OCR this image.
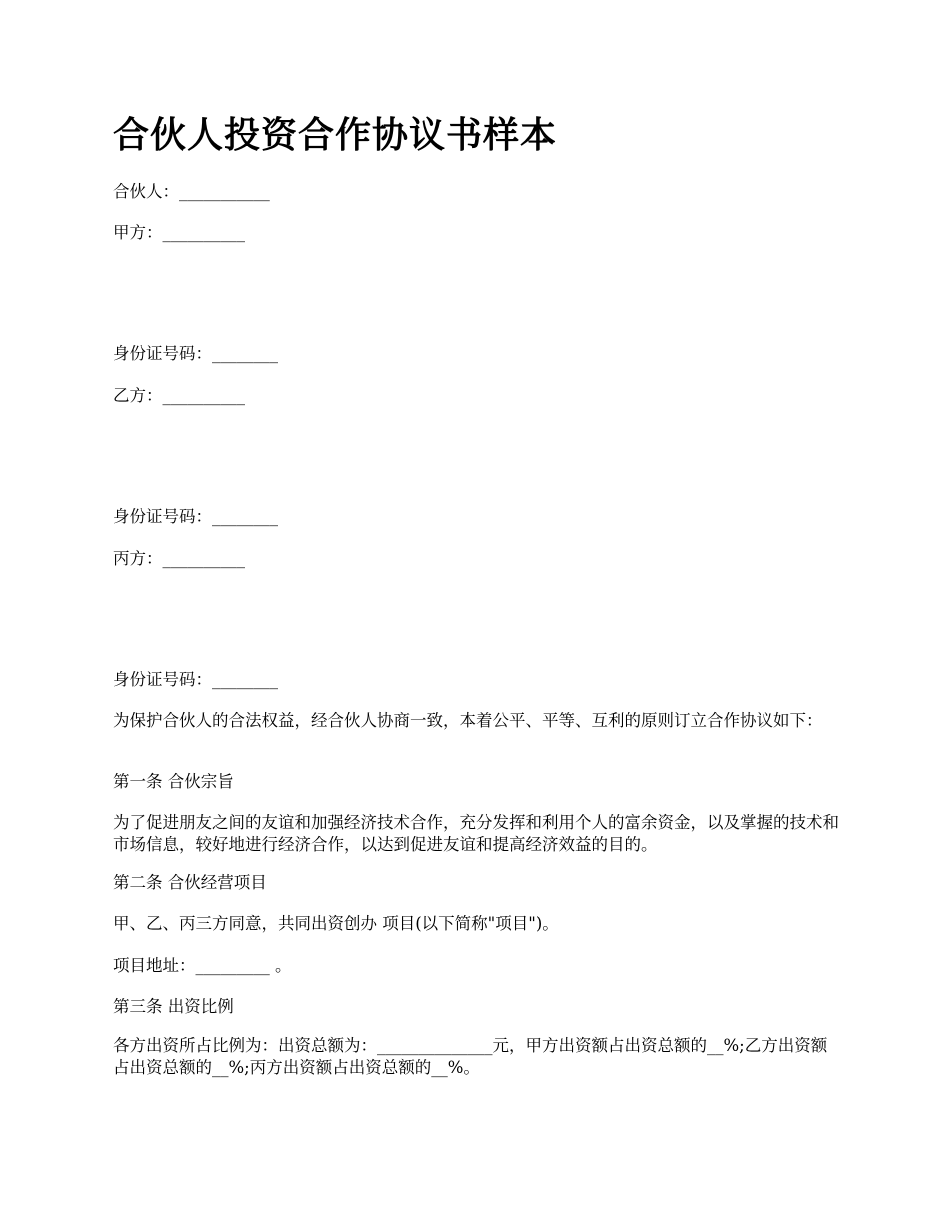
合伙人投资合作协议书样本

合伙人：___________

甲方：__________

身份证号码：________

乙方：__________

身份证号码：________

丙方：__________

身份证号码：________

为保护合伙人的合法权益，经合伙人协商一致，本着公平、平等、互利的原则订立合作协议如下：

第一条 合伙宗旨

为了促进朋友之间的友谊和加强经济技术合作，充分发挥和利用个人的富余资金，以及掌握的技术和市场信息，较好地进行经济合作，以达到促进友谊和提高经济效益的目的。

第二条 合伙经营项目

甲、乙、丙三方同意，共同出资创办 项目(以下简称"项目")。

项目地址：_________ 。

第三条 出资比例

各方出资所占比例为：出资总额为：______________元，甲方出资额占出资总额的__%;乙方出资额占出资总额的__%;丙方出资额占出资总额的__%。
